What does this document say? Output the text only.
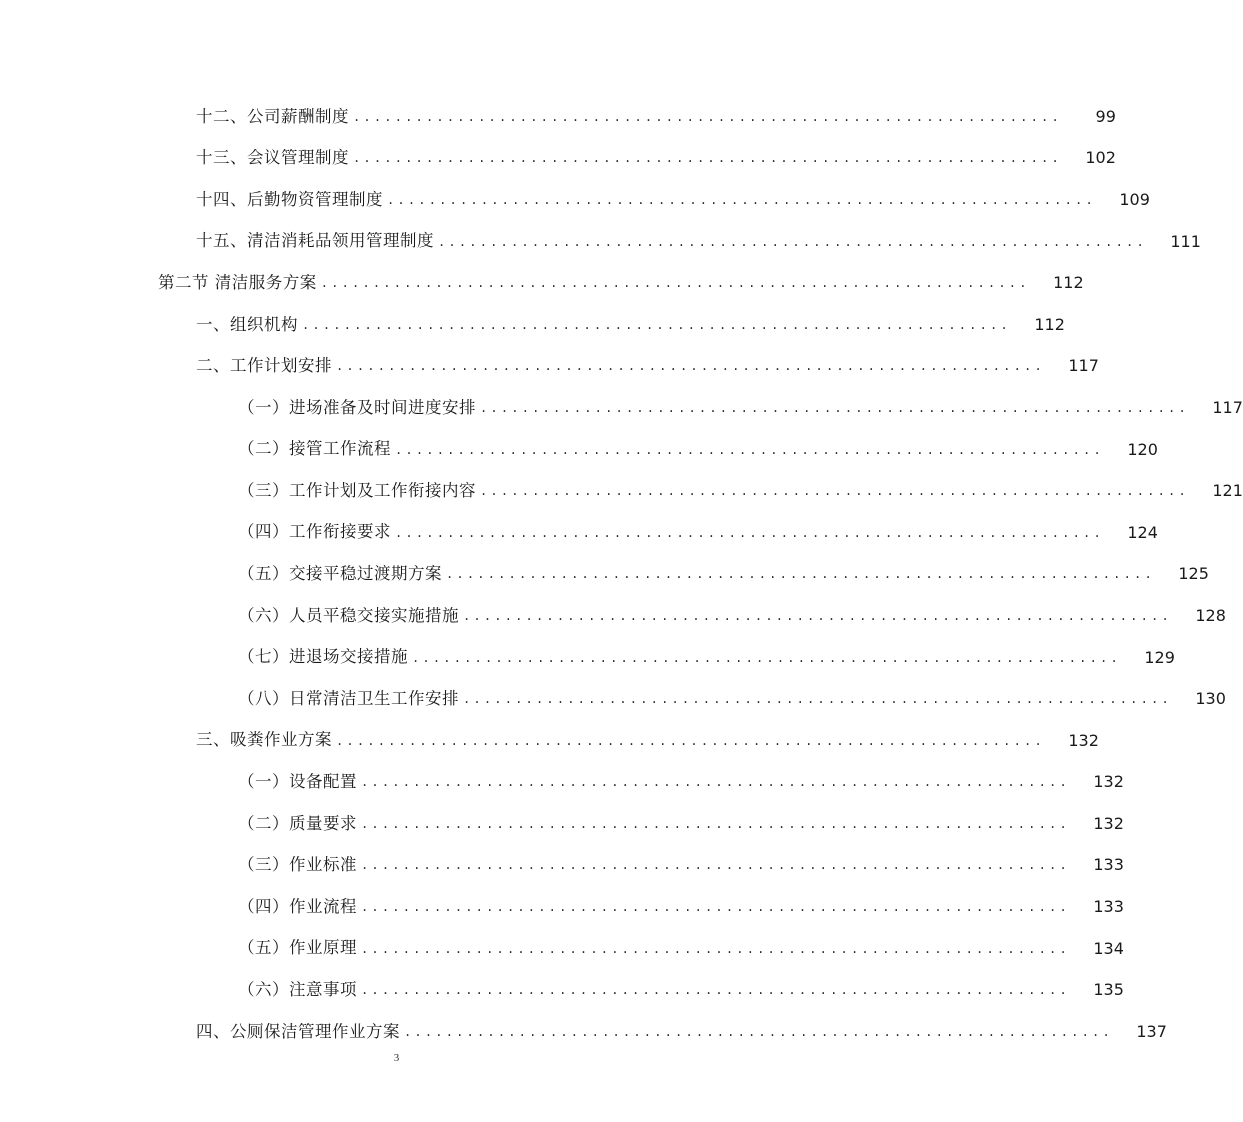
十二、公司薪酬制度 ....................................................................	99
十三、会议管理制度 ....................................................................	102
十四、后勤物资管理制度 ....................................................................	109
十五、清洁消耗品领用管理制度 ....................................................................	111
第二节 清洁服务方案 ....................................................................	112
一、组织机构 ....................................................................	112
二、工作计划安排 ....................................................................	117
（一）进场准备及时间进度安排 ....................................................................	117
（二）接管工作流程 ....................................................................	120
（三）工作计划及工作衔接内容 ....................................................................	121
（四）工作衔接要求 ....................................................................	124
（五）交接平稳过渡期方案 ....................................................................	125
（六）人员平稳交接实施措施 ....................................................................	128
（七）进退场交接措施 ....................................................................	129
（八）日常清洁卫生工作安排 ....................................................................	130
三、吸粪作业方案 ....................................................................	132
（一）设备配置 ....................................................................	132
（二）质量要求 ....................................................................	132
（三）作业标准 ....................................................................	133
（四）作业流程 ....................................................................	133
（五）作业原理 ....................................................................	134
（六）注意事项 ....................................................................	135
四、公厕保洁管理作业方案 ....................................................................	137
3
